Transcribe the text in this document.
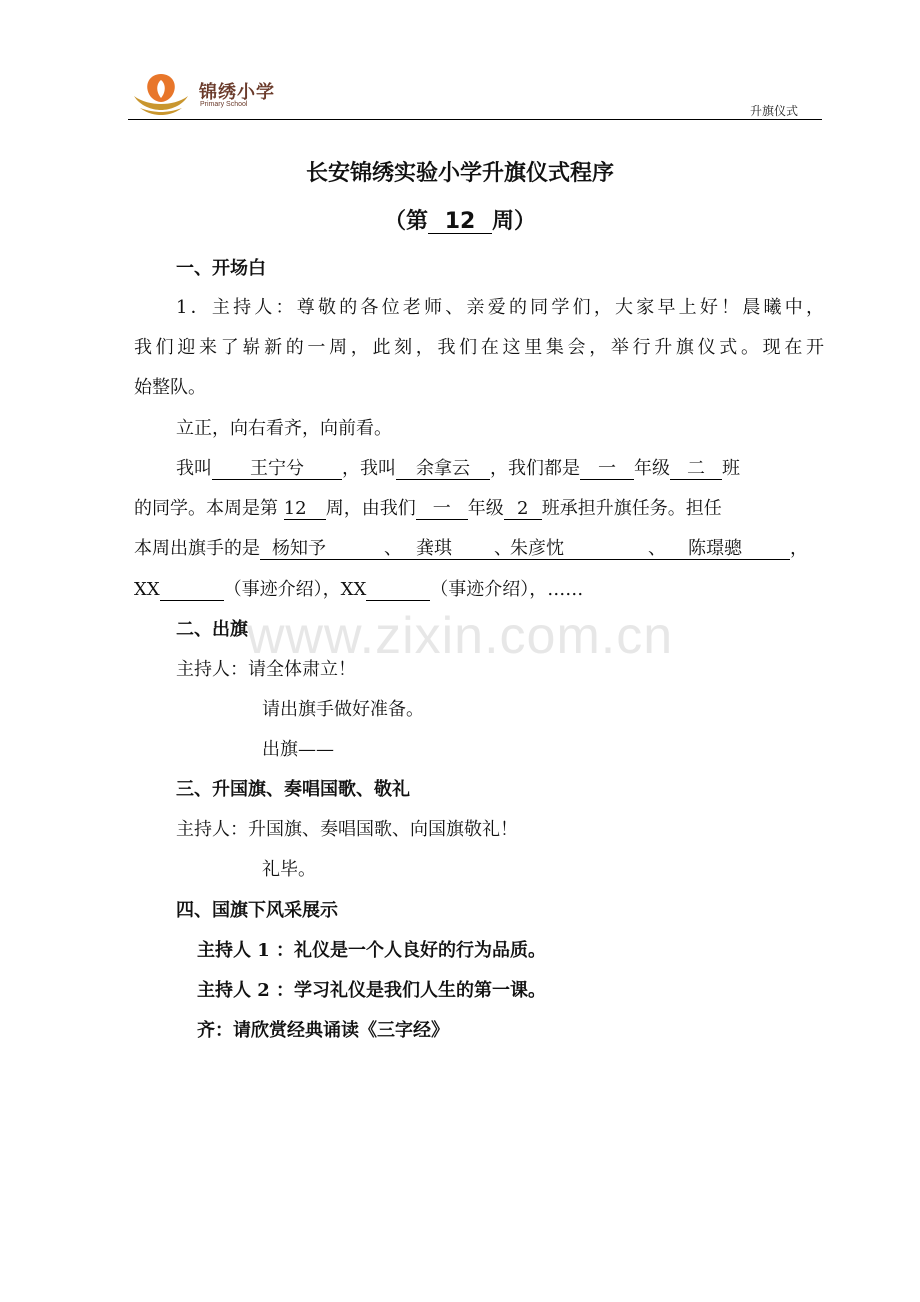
锦绣小学
Primary School	升旗仪式
长安锦绣实验小学升旗仪式程序
（第 12 周）
一、开场白
1．主持人：尊敬的各位老师、亲爱的同学们，大家早上好！晨曦中，
我们迎来了崭新的一周，此刻，我们在这里集会，举行升旗仪式。现在开
始整队。
立正，向右看齐，向前看。
我叫 王宁兮 ，我叫 余拿云 ，我们都是 一 年级 二 班
的同学。本周是第 12 周，由我们 一 年级 2 班承担升旗任务。担任
本周出旗手的是 杨知予	、 龚琪 、朱彦忱	、 陈璟骢	，
XX	（事迹介绍），XX	（事迹介绍），……
www.zixin.com.cn
二、出旗
主持人：请全体肃立！
请出旗手做好准备。
出旗——
三、升国旗、奏唱国歌、敬礼
主持人：升国旗、奏唱国歌、向国旗敬礼！
礼毕。
四、国旗下风采展示
主持人 1 ：礼仪是一个人良好的行为品质。
主持人 2 ：学习礼仪是我们人生的第一课。
齐：请欣赏经典诵读《三字经》
